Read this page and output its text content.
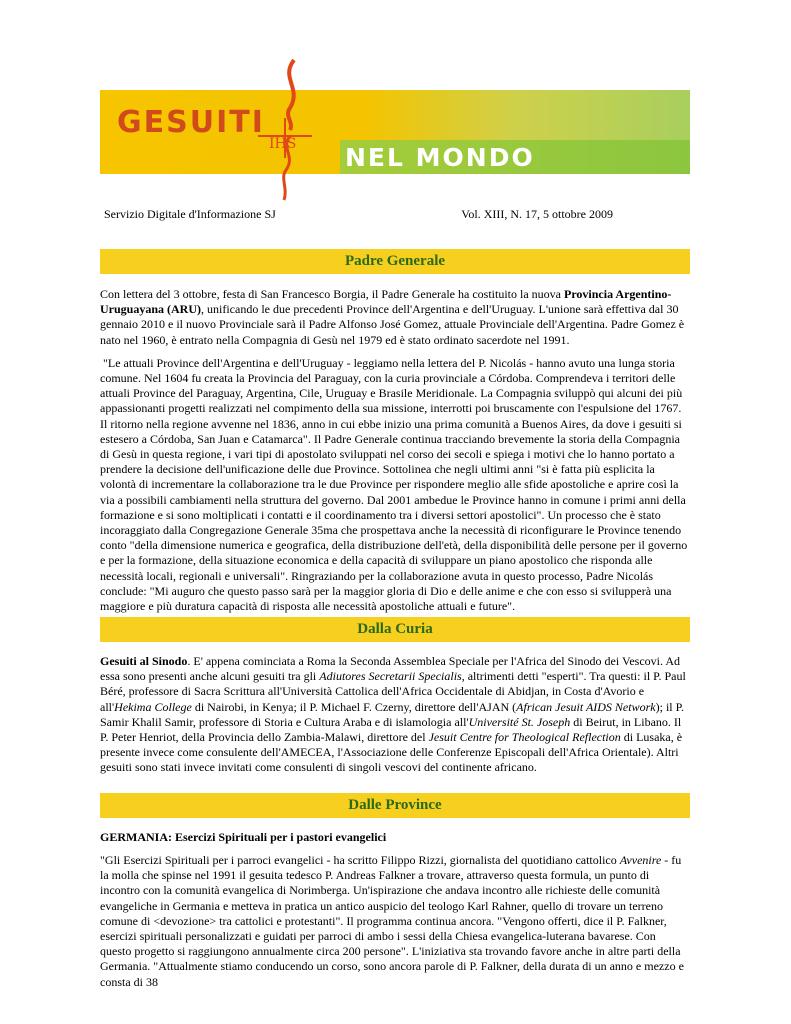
GESUITI
NEL MONDO
IHS
Servizio Digitale d'Informazione SJ	Vol. XIII, N. 17, 5 ottobre 2009
Padre Generale

Con lettera del 3 ottobre, festa di San Francesco Borgia, il Padre Generale ha costituito la nuova Provincia Argentino-Uruguayana (ARU), unificando le due precedenti Province dell'Argentina e dell'Uruguay. L'unione sarà effettiva dal 30 gennaio 2010 e il nuovo Provinciale sarà il Padre Alfonso José Gomez, attuale Provinciale dell'Argentina. Padre Gomez è nato nel 1960, è entrato nella Compagnia di Gesù nel 1979 ed è stato ordinato sacerdote nel 1991.

"Le attuali Province dell'Argentina e dell'Uruguay - leggiamo nella lettera del P. Nicolás - hanno avuto una lunga storia comune. Nel 1604 fu creata la Provincia del Paraguay, con la curia provinciale a Córdoba. Comprendeva i territori delle attuali Province del Paraguay, Argentina, Cile, Uruguay e Brasile Meridionale. La Compagnia sviluppò qui alcuni dei più appassionanti progetti realizzati nel compimento della sua missione, interrotti poi bruscamente con l'espulsione del 1767. Il ritorno nella regione avvenne nel 1836, anno in cui ebbe inizio una prima comunità a Buenos Aires, da dove i gesuiti si estesero a Córdoba, San Juan e Catamarca". Il Padre Generale continua tracciando brevemente la storia della Compagnia di Gesù in questa regione, i vari tipi di apostolato sviluppati nel corso dei secoli e spiega i motivi che lo hanno portato a prendere la decisione dell'unificazione delle due Province. Sottolinea che negli ultimi anni "si è fatta più esplicita la volontà di incrementare la collaborazione tra le due Province per rispondere meglio alle sfide apostoliche e aprire così la via a possibili cambiamenti nella struttura del governo. Dal 2001 ambedue le Province hanno in comune i primi anni della formazione e si sono moltiplicati i contatti e il coordinamento tra i diversi settori apostolici". Un processo che è stato incoraggiato dalla Congregazione Generale 35ma che prospettava anche la necessità di riconfigurare le Province tenendo conto "della dimensione numerica e geografica, della distribuzione dell'età, della disponibilità delle persone per il governo e per la formazione, della situazione economica e della capacità di sviluppare un piano apostolico che risponda alle necessità locali, regionali e universali". Ringraziando per la collaborazione avuta in questo processo, Padre Nicolás conclude: "Mi auguro che questo passo sarà per la maggior gloria di Dio e delle anime e che con esso si svilupperà una maggiore e più duratura capacità di risposta alle necessità apostoliche attuali e future".

Dalla Curia

Gesuiti al Sinodo. E' appena cominciata a Roma la Seconda Assemblea Speciale per l'Africa del Sinodo dei Vescovi. Ad essa sono presenti anche alcuni gesuiti tra gli Adiutores Secretarii Specialis, altrimenti detti "esperti". Tra questi: il P. Paul Béré, professore di Sacra Scrittura all'Università Cattolica dell'Africa Occidentale di Abidjan, in Costa d'Avorio e all'Hekima College di Nairobi, in Kenya; il P. Michael F. Czerny, direttore dell'AJAN (African Jesuit AIDS Network); il P. Samir Khalil Samir, professore di Storia e Cultura Araba e di islamologia all'Université St. Joseph di Beirut, in Libano. Il P. Peter Henriot, della Provincia dello Zambia-Malawi, direttore del Jesuit Centre for Theological Reflection di Lusaka, è presente invece come consulente dell'AMECEA, l'Associazione delle Conferenze Episcopali dell'Africa Orientale). Altri gesuiti sono stati invece invitati come consulenti di singoli vescovi del continente africano.

Dalle Province
GERMANIA: Esercizi Spirituali per i pastori evangelici

"Gli Esercizi Spirituali per i parroci evangelici - ha scritto Filippo Rizzi, giornalista del quotidiano cattolico Avvenire - fu la molla che spinse nel 1991 il gesuita tedesco P. Andreas Falkner a trovare, attraverso questa formula, un punto di incontro con la comunità evangelica di Norimberga. Un'ispirazione che andava incontro alle richieste delle comunità evangeliche in Germania e metteva in pratica un antico auspicio del teologo Karl Rahner, quello di trovare un terreno comune di <devozione> tra cattolici e protestanti". Il programma continua ancora. "Vengono offerti, dice il P. Falkner, esercizi spirituali personalizzati e guidati per parroci di ambo i sessi della Chiesa evangelica-luterana bavarese. Con questo progetto si raggiungono annualmente circa 200 persone". L'iniziativa sta trovando favore anche in altre parti della Germania. "Attualmente stiamo conducendo un corso, sono ancora parole di P. Falkner, della durata di un anno e mezzo e consta di 38
